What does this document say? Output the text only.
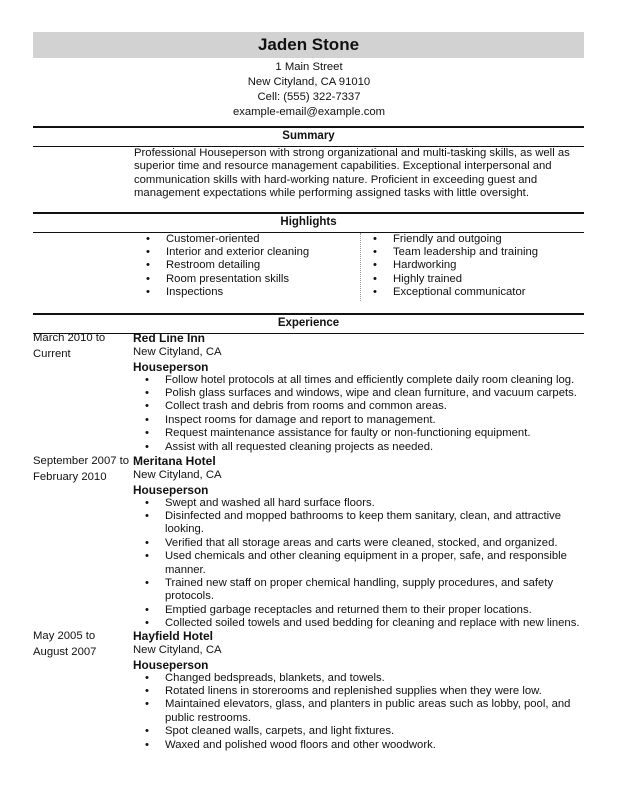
Jaden Stone
1 Main Street
New Cityland, CA 91010
Cell: (555) 322-7337
example-email@example.com
Summary
Professional Houseperson with strong organizational and multi-tasking skills, as well as superior time and resource management capabilities. Exceptional interpersonal and communication skills with hard-working nature. Proficient in exceeding guest and management expectations while performing assigned tasks with little oversight.
Highlights
• Customer-oriented
• Interior and exterior cleaning
• Restroom detailing
• Room presentation skills
• Inspections
• Friendly and outgoing
• Team leadership and training
• Hardworking
• Highly trained
• Exceptional communicator
Experience
March 2010 to
Current
Red Line Inn
New Cityland, CA
Houseperson
• Follow hotel protocols at all times and efficiently complete daily room cleaning log.
• Polish glass surfaces and windows, wipe and clean furniture, and vacuum carpets.
• Collect trash and debris from rooms and common areas.
• Inspect rooms for damage and report to management.
• Request maintenance assistance for faulty or non-functioning equipment.
• Assist with all requested cleaning projects as needed.
September 2007 to
February 2010
Meritana Hotel
New Cityland, CA
Houseperson
• Swept and washed all hard surface floors.
• Disinfected and mopped bathrooms to keep them sanitary, clean, and attractive looking.
• Verified that all storage areas and carts were cleaned, stocked, and organized.
• Used chemicals and other cleaning equipment in a proper, safe, and responsible manner.
• Trained new staff on proper chemical handling, supply procedures, and safety protocols.
• Emptied garbage receptacles and returned them to their proper locations.
• Collected soiled towels and used bedding for cleaning and replace with new linens.
May 2005 to
August 2007
Hayfield Hotel
New Cityland, CA
Houseperson
• Changed bedspreads, blankets, and towels.
• Rotated linens in storerooms and replenished supplies when they were low.
• Maintained elevators, glass, and planters in public areas such as lobby, pool, and public restrooms.
• Spot cleaned walls, carpets, and light fixtures.
• Waxed and polished wood floors and other woodwork.
